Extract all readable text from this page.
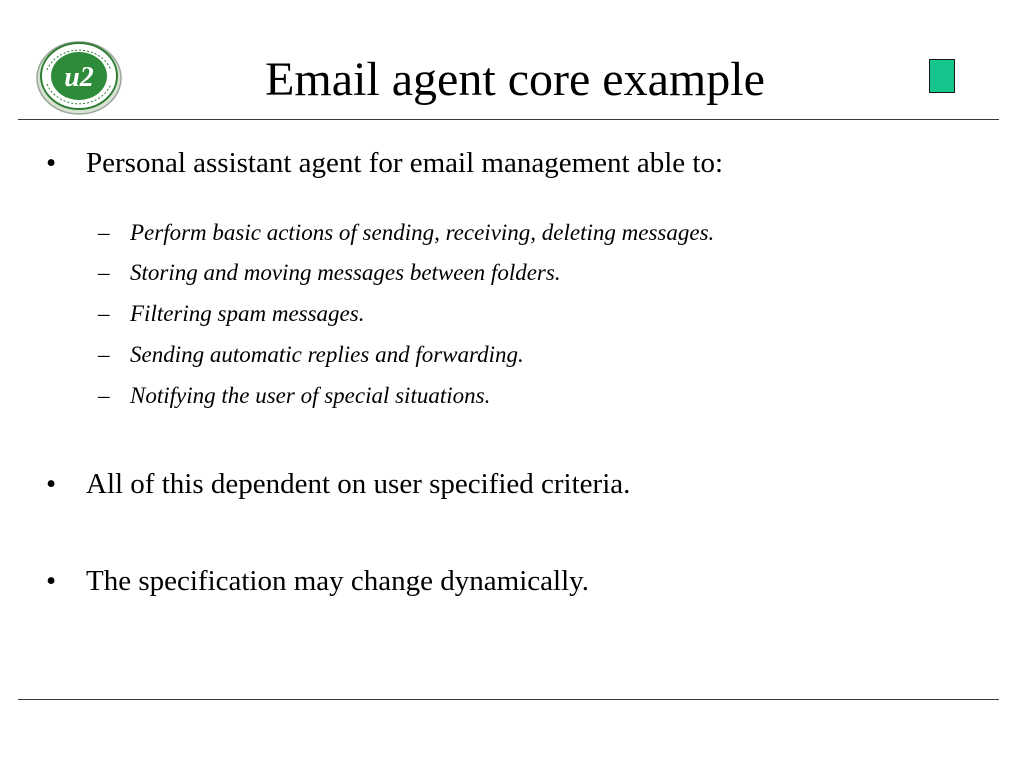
u2	Email agent core example
• Personal assistant agent for email management able to:
– Perform basic actions of sending, receiving, deleting messages.
– Storing and moving messages between folders.
– Filtering spam messages.
– Sending automatic replies and forwarding.
– Notifying the user of special situations.
• All of this dependent on user specified criteria.
• The specification may change dynamically.
